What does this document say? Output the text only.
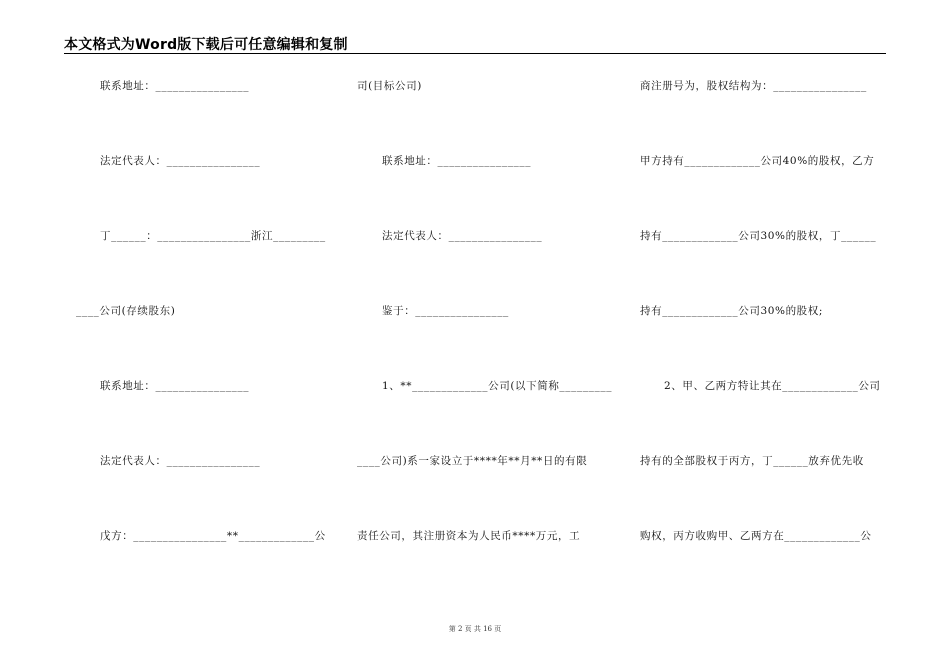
本文格式为Word版下载后可任意编辑和复制
联系地址：________________
法定代表人：________________
丁______：________________浙江_________
____公司(存续股东)
联系地址：________________
法定代表人：________________
戊方：________________**_____________公
司(目标公司)
联系地址：________________
法定代表人：________________
鉴于：________________
1、**_____________公司(以下简称_________
____公司)系一家设立于****年**月**日的有限
责任公司，其注册资本为人民币****万元，工
商注册号为，股权结构为：________________
甲方持有_____________公司40%的股权，乙方
持有_____________公司30%的股权，丁______
持有_____________公司30%的股权;
2、甲、乙两方特让其在_____________公司
持有的全部股权于丙方，丁______放弃优先收
购权，丙方收购甲、乙两方在_____________公
第 2 页 共 16 页
